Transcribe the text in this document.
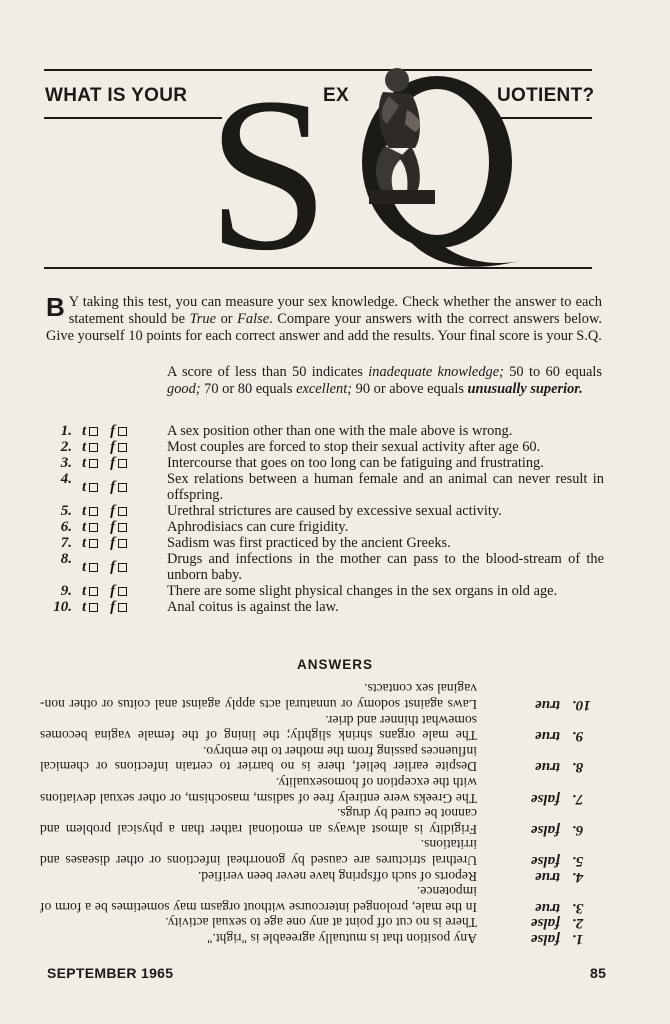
WHAT IS YOUR	EX	UOTIENT?
S
B Y taking this test, you can measure your sex knowledge. Check whether the answer to each statement should be True or False. Compare your answers with the correct answers below. Give yourself 10 points for each correct answer and add the results. Your final score is your S.Q.
A score of less than 50 indicates inadequate knowledge; 50 to 60 equals good; 70 or 80 equals excellent; 90 or above equals unusually superior.
1. t f	A sex position other than one with the male above is wrong.
2. t f	Most couples are forced to stop their sexual activity after age 60.
3. t f	Intercourse that goes on too long can be fatiguing and frustrating.
4. t f	Sex relations between a human female and an animal can never result in offspring.
5. t f	Urethral strictures are caused by excessive sexual activity.
6. t f	Aphrodisiacs can cure frigidity.
7. t f	Sadism was first practiced by the ancient Greeks.
8. t f	Drugs and infections in the mother can pass to the blood-stream of the unborn baby.
9. t f	There are some slight physical changes in the sex organs in old age.
10. t f	Anal coitus is against the law.
ANSWERS
1.
false
Any position that is mutually agreeable is "right."
2.
false
There is no cut off point at any one age to sexual activity.
3.
true
In the male, prolonged intercourse without orgasm may sometimes be a form of impotence.
4.
true
Reports of such offspring have never been verified.
5.
false
Urethral strictures are caused by gonorrheal infections or other diseases and irritations.
6.
false
Frigidity is almost always an emotional rather than a physical problem and cannot be cured by drugs.
7.
false
The Greeks were entirely free of sadism, masochism, or other sexual deviations with the exception of homosexuality.
8.
true
Despite earlier belief, there is no barrier to certain infections or chemical influences passing from the mother to the embryo.
9.
true
The male organs shrink slightly; the lining of the female vagina becomes somewhat thinner and drier.
10.
true
Laws against sodomy or unnatural acts apply against anal coitus or other non-vaginal sex contacts.
SEPTEMBER 1965	85
